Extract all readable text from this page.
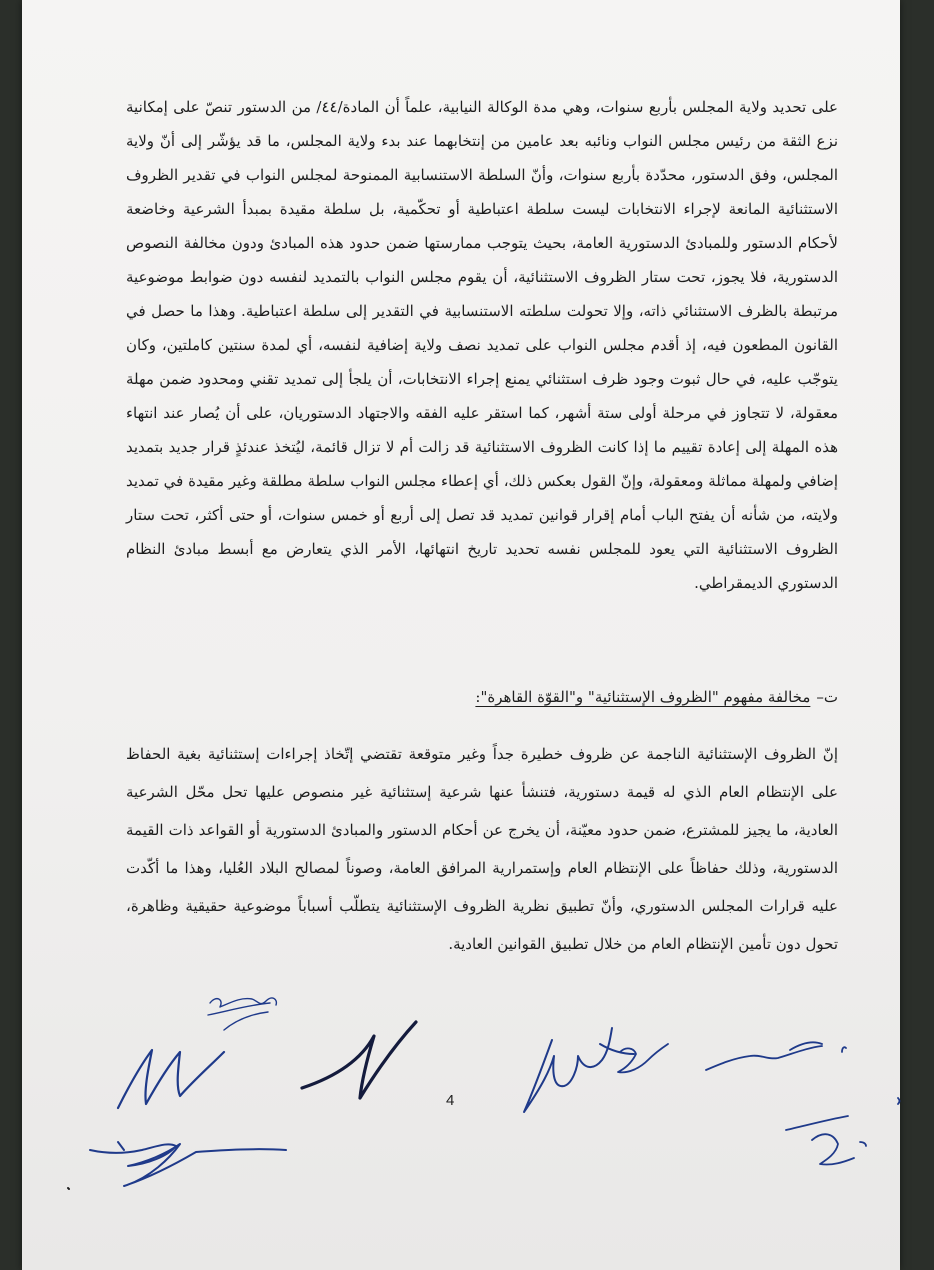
على تحديد ولاية المجلس بأربع سنوات، وهي مدة الوكالة النيابية، علماً أن المادة/٤٤/ من الدستور تنصّ على إمكانية نزع الثقة من رئيس مجلس النواب ونائبه بعد عامين من إنتخابهما عند بدء ولاية المجلس، ما قد يؤشّر إلى أنّ ولاية المجلس، وفق الدستور، محدّدة بأربع سنوات، وأنّ السلطة الاستنسابية الممنوحة لمجلس النواب في تقدير الظروف الاستثنائية المانعة لإجراء الانتخابات ليست سلطة اعتباطية أو تحكّمية، بل سلطة مقيدة بمبدأ الشرعية وخاضعة لأحكام الدستور وللمبادئ الدستورية العامة، بحيث يتوجب ممارستها ضمن حدود هذه المبادئ ودون مخالفة النصوص الدستورية، فلا يجوز، تحت ستار الظروف الاستثنائية، أن يقوم مجلس النواب بالتمديد لنفسه دون ضوابط موضوعية مرتبطة بالظرف الاستثنائي ذاته، وإلا تحولت سلطته الاستنسابية في التقدير إلى سلطة اعتباطية. وهذا ما حصل في القانون المطعون فيه، إذ أقدم مجلس النواب على تمديد نصف ولاية إضافية لنفسه، أي لمدة سنتين كاملتين، وكان يتوجّب عليه، في حال ثبوت وجود ظرف استثنائي يمنع إجراء الانتخابات، أن يلجأ إلى تمديد تقني ومحدود ضمن مهلة معقولة، لا تتجاوز في مرحلة أولى ستة أشهر، كما استقر عليه الفقه والاجتهاد الدستوريان، على أن يُصار عند انتهاء هذه المهلة إلى إعادة تقييم ما إذا كانت الظروف الاستثنائية قد زالت أم لا تزال قائمة، ليُتخذ عندئذٍ قرار جديد بتمديد إضافي ولمهلة مماثلة ومعقولة، وإنّ القول بعكس ذلك، أي إعطاء مجلس النواب سلطة مطلقة وغير مقيدة في تمديد ولايته، من شأنه أن يفتح الباب أمام إقرار قوانين تمديد قد تصل إلى أربع أو خمس سنوات، أو حتى أكثر، تحت ستار الظروف الاستثنائية التي يعود للمجلس نفسه تحديد تاريخ انتهائها، الأمر الذي يتعارض مع أبسط مبادئ النظام الدستوري الديمقراطي.

ت–مخالفة مفهوم "الظروف الإستثنائية" و"القوّة القاهرة":

إنّ الظروف الإستثنائية الناجمة عن ظروف خطيرة جداً وغير متوقعة تقتضي إتّخاذ إجراءات إستثنائية بغية الحفاظ على الإنتظام العام الذي له قيمة دستورية، فتنشأ عنها شرعية إستثنائية غير منصوص عليها تحل محّل الشرعية العادية، ما يجيز للمشترع، ضمن حدود معيّنة، أن يخرج عن أحكام الدستور والمبادئ الدستورية أو القواعد ذات القيمة الدستورية، وذلك حفاظاً على الإنتظام العام وإستمرارية المرافق العامة، وصوناً لمصالح البلاد العُليا، وهذا ما أكّدت عليه قرارات المجلس الدستوري، وأنّ تطبيق نظرية الظروف الإستثنائية يتطلّب أسباباً موضوعية حقيقية وظاهرة، تحول دون تأمين الإنتظام العام من خلال تطبيق القوانين العادية.

4
